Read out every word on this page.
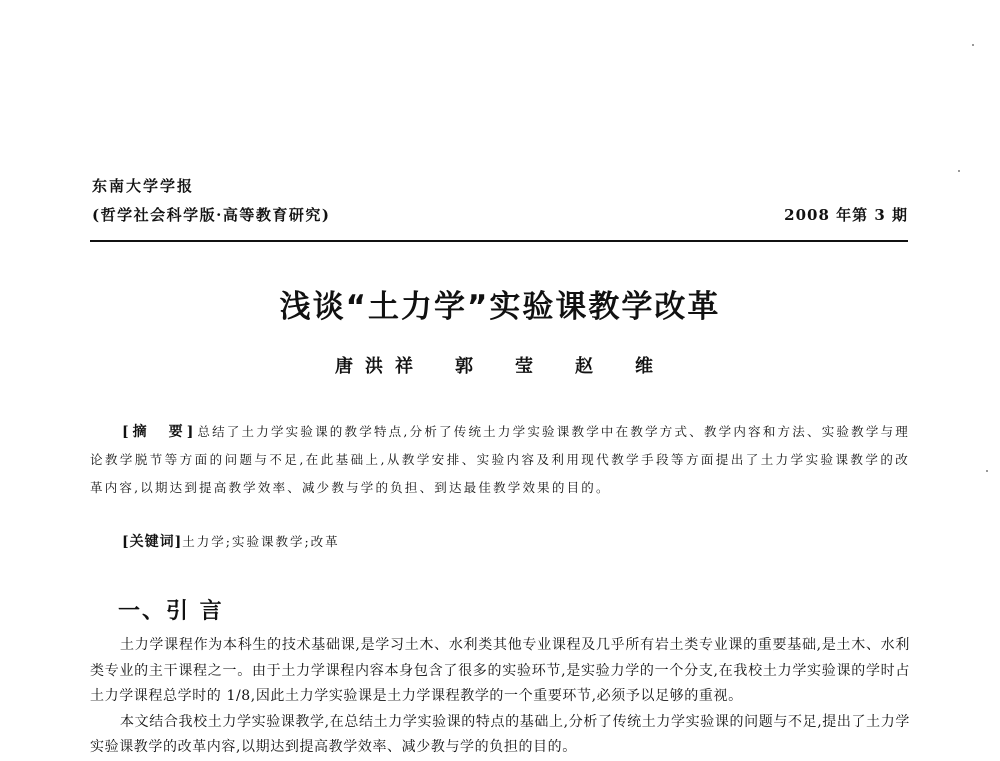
东南大学学报
(哲学社会科学版·高等教育研究)	2008 年第 3 期
浅谈“土力学”实验课教学改革
唐洪祥　郭　莹　赵　维
[摘　要]总结了土力学实验课的教学特点,分析了传统土力学实验课教学中在教学方式、教学内容和方法、实验教学与理论教学脱节等方面的问题与不足,在此基础上,从教学安排、实验内容及利用现代教学手段等方面提出了土力学实验课教学的改革内容,以期达到提高教学效率、减少教与学的负担、到达最佳教学效果的目的。
[关键词]土力学;实验课教学;改革
一、引 言

土力学课程作为本科生的技术基础课,是学习土木、水利类其他专业课程及几乎所有岩土类专业课的重要基础,是土木、水利类专业的主干课程之一。由于土力学课程内容本身包含了很多的实验环节,是实验力学的一个分支,在我校土力学实验课的学时占土力学课程总学时的 1/8,因此土力学实验课是土力学课程教学的一个重要环节,必须予以足够的重视。

本文结合我校土力学实验课教学,在总结土力学实验课的特点的基础上,分析了传统土力学实验课的问题与不足,提出了土力学实验课教学的改革内容,以期达到提高教学效率、减少教与学的负担的目的。
